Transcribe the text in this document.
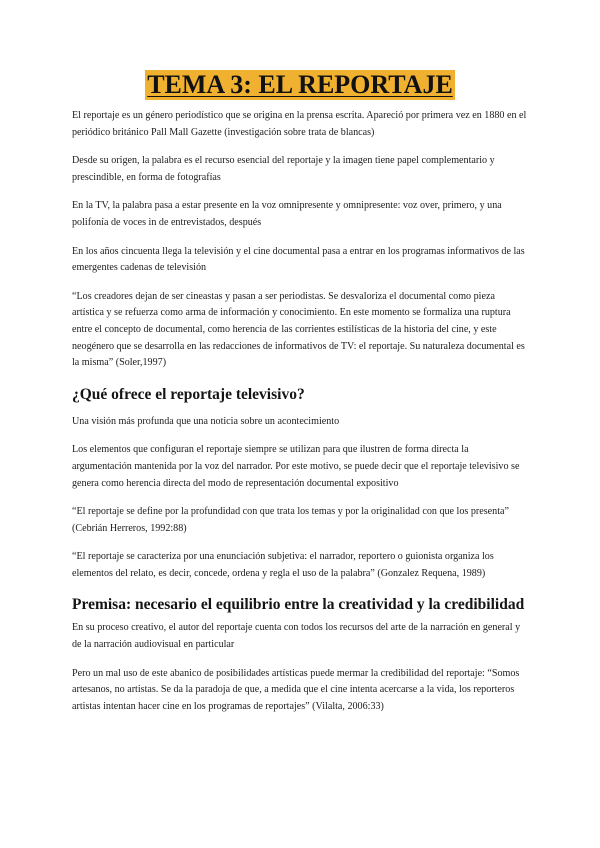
TEMA 3: EL REPORTAJE

El reportaje es un género periodístico que se origina en la prensa escrita. Apareció por primera vez en 1880 en el periódico británico Pall Mall Gazette (investigación sobre trata de blancas)

Desde su origen, la palabra es el recurso esencial del reportaje y la imagen tiene papel complementario y prescindible, en forma de fotografías

En la TV, la palabra pasa a estar presente en la voz omnipresente y omnipresente: voz over, primero, y una polifonía de voces in de entrevistados, después

En los años cincuenta llega la televisión y el cine documental pasa a entrar en los programas informativos de las emergentes cadenas de televisión

“Los creadores dejan de ser cineastas y pasan a ser periodistas. Se desvaloriza el documental como pieza artística y se refuerza como arma de información y conocimiento. En este momento se formaliza una ruptura entre el concepto de documental, como herencia de las corrientes estilísticas de la historia del cine, y este neogénero que se desarrolla en las redacciones de informativos de TV: el reportaje. Su naturaleza documental es la misma” (Soler,1997)

¿Qué ofrece el reportaje televisivo?

Una visión más profunda que una noticia sobre un acontecimiento

Los elementos que configuran el reportaje siempre se utilizan para que ilustren de forma directa la argumentación mantenida por la voz del narrador. Por este motivo, se puede decir que el reportaje televisivo se genera como herencia directa del modo de representación documental expositivo

“El reportaje se define por la profundidad con que trata los temas y por la originalidad con que los presenta” (Cebrián Herreros, 1992:88)

“El reportaje se caracteriza por una enunciación subjetiva: el narrador, reportero o guionista organiza los elementos del relato, es decir, concede, ordena y regla el uso de la palabra” (Gonzalez Requena, 1989)

Premisa: necesario el equilibrio entre la creatividad y la credibilidad

En su proceso creativo, el autor del reportaje cuenta con todos los recursos del arte de la narración en general y de la narración audiovisual en particular

Pero un mal uso de este abanico de posibilidades artísticas puede mermar la credibilidad del reportaje: “Somos artesanos, no artistas. Se da la paradoja de que, a medida que el cine intenta acercarse a la vida, los reporteros artistas intentan hacer cine en los programas de reportajes” (Vilalta, 2006:33)
